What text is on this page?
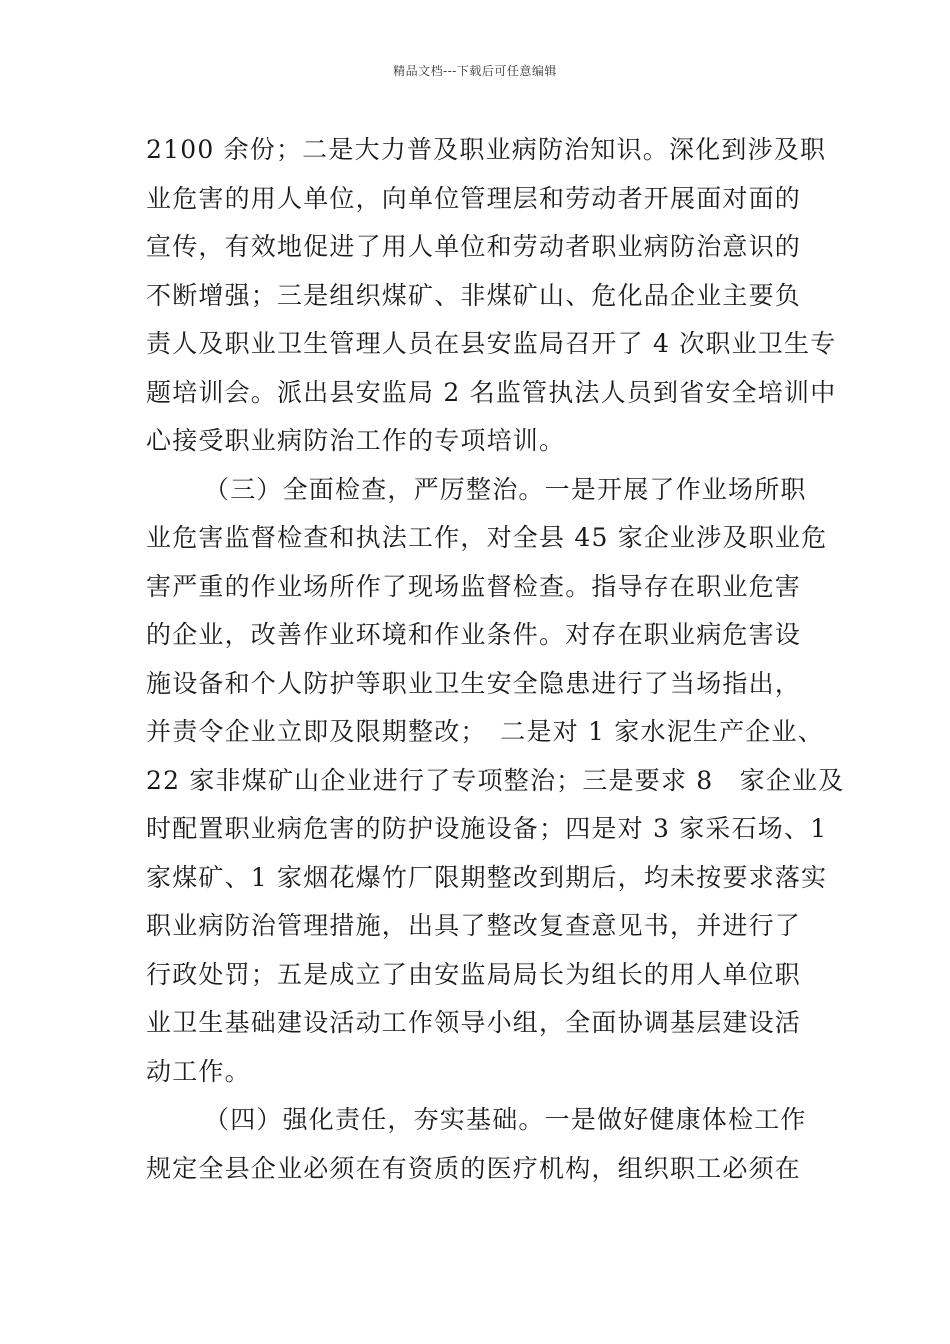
精品文档---下载后可任意编辑
2100 余份；二是大力普及职业病防治知识。深化到涉及职
业危害的用人单位，向单位管理层和劳动者开展面对面的
宣传，有效地促进了用人单位和劳动者职业病防治意识的
不断增强；三是组织煤矿、非煤矿山、危化品企业主要负
责人及职业卫生管理人员在县安监局召开了 4 次职业卫生专
题培训会。派出县安监局 2 名监管执法人员到省安全培训中
心接受职业病防治工作的专项培训。
（三）全面检查，严厉整治。一是开展了作业场所职
业危害监督检查和执法工作，对全县 45 家企业涉及职业危
害严重的作业场所作了现场监督检查。指导存在职业危害
的企业，改善作业环境和作业条件。对存在职业病危害设
施设备和个人防护等职业卫生安全隐患进行了当场指出，
并责令企业立即及限期整改；　二是对 1 家水泥生产企业、
22 家非煤矿山企业进行了专项整治；三是要求 8　家企业及
时配置职业病危害的防护设施设备；四是对 3 家采石场、1
家煤矿、1 家烟花爆竹厂限期整改到期后，均未按要求落实
职业病防治管理措施，出具了整改复查意见书，并进行了
行政处罚；五是成立了由安监局局长为组长的用人单位职
业卫生基础建设活动工作领导小组，全面协调基层建设活
动工作。
（四）强化责任，夯实基础。一是做好健康体检工作
规定全县企业必须在有资质的医疗机构，组织职工必须在
